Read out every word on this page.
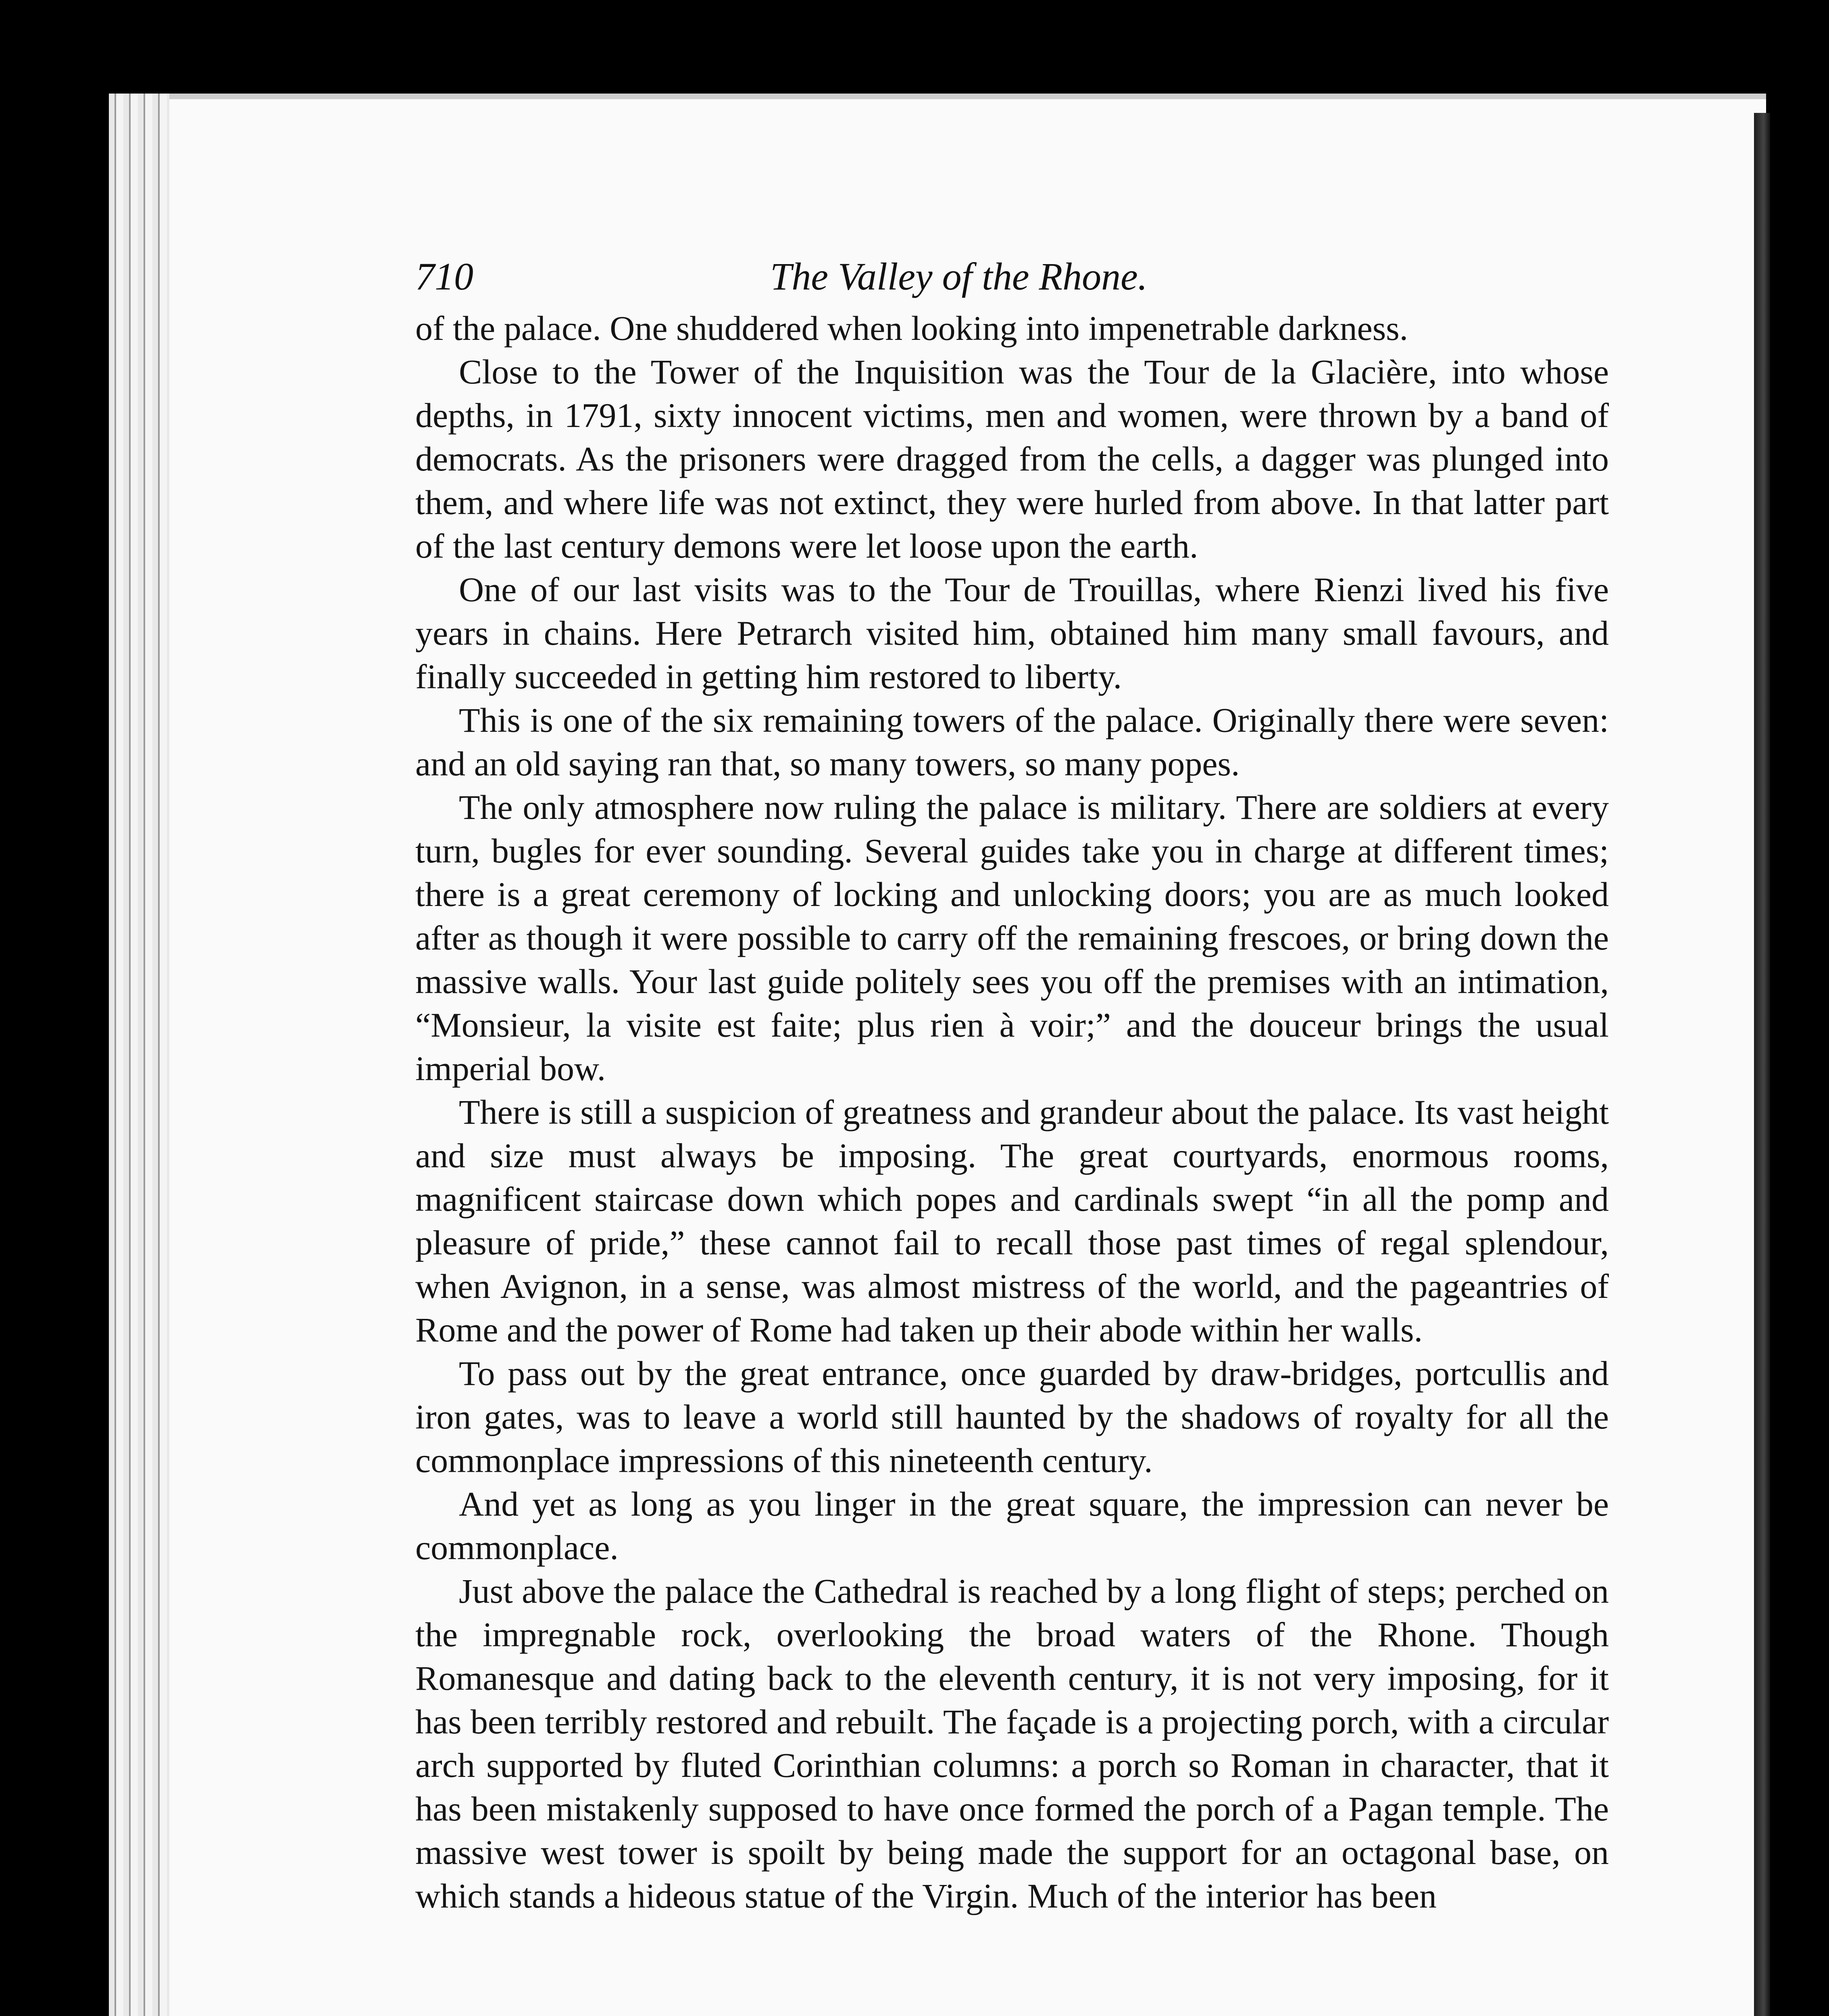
710	The Valley of the Rhone.

of the palace. One shuddered when looking into impenetrable darkness.

Close to the Tower of the Inquisition was the Tour de la Glacière, into whose depths, in 1791, sixty innocent victims, men and women, were thrown by a band of democrats. As the prisoners were dragged from the cells, a dagger was plunged into them, and where life was not extinct, they were hurled from above. In that latter part of the last century demons were let loose upon the earth.

One of our last visits was to the Tour de Trouillas, where Rienzi lived his five years in chains. Here Petrarch visited him, obtained him many small favours, and finally succeeded in getting him restored to liberty.

This is one of the six remaining towers of the palace. Originally there were seven: and an old saying ran that, so many towers, so many popes.

The only atmosphere now ruling the palace is military. There are soldiers at every turn, bugles for ever sounding. Several guides take you in charge at different times; there is a great ceremony of locking and unlocking doors; you are as much looked after as though it were possible to carry off the remaining frescoes, or bring down the massive walls. Your last guide politely sees you off the premises with an intimation, “Monsieur, la visite est faite; plus rien à voir;” and the douceur brings the usual imperial bow.

There is still a suspicion of greatness and grandeur about the palace. Its vast height and size must always be imposing. The great courtyards, enormous rooms, magnificent staircase down which popes and cardinals swept “in all the pomp and pleasure of pride,” these cannot fail to recall those past times of regal splendour, when Avignon, in a sense, was almost mistress of the world, and the pageantries of Rome and the power of Rome had taken up their abode within her walls.

To pass out by the great entrance, once guarded by draw-bridges, portcullis and iron gates, was to leave a world still haunted by the shadows of royalty for all the commonplace impressions of this nineteenth century.

And yet as long as you linger in the great square, the impression can never be commonplace.

Just above the palace the Cathedral is reached by a long flight of steps; perched on the impregnable rock, overlooking the broad waters of the Rhone. Though Romanesque and dating back to the eleventh century, it is not very imposing, for it has been terribly restored and rebuilt. The façade is a projecting porch, with a circular arch supported by fluted Corinthian columns: a porch so Roman in character, that it has been mistakenly supposed to have once formed the porch of a Pagan temple. The massive west tower is spoilt by being made the support for an octagonal base, on which stands a hideous statue of the Virgin. Much of the interior has been
